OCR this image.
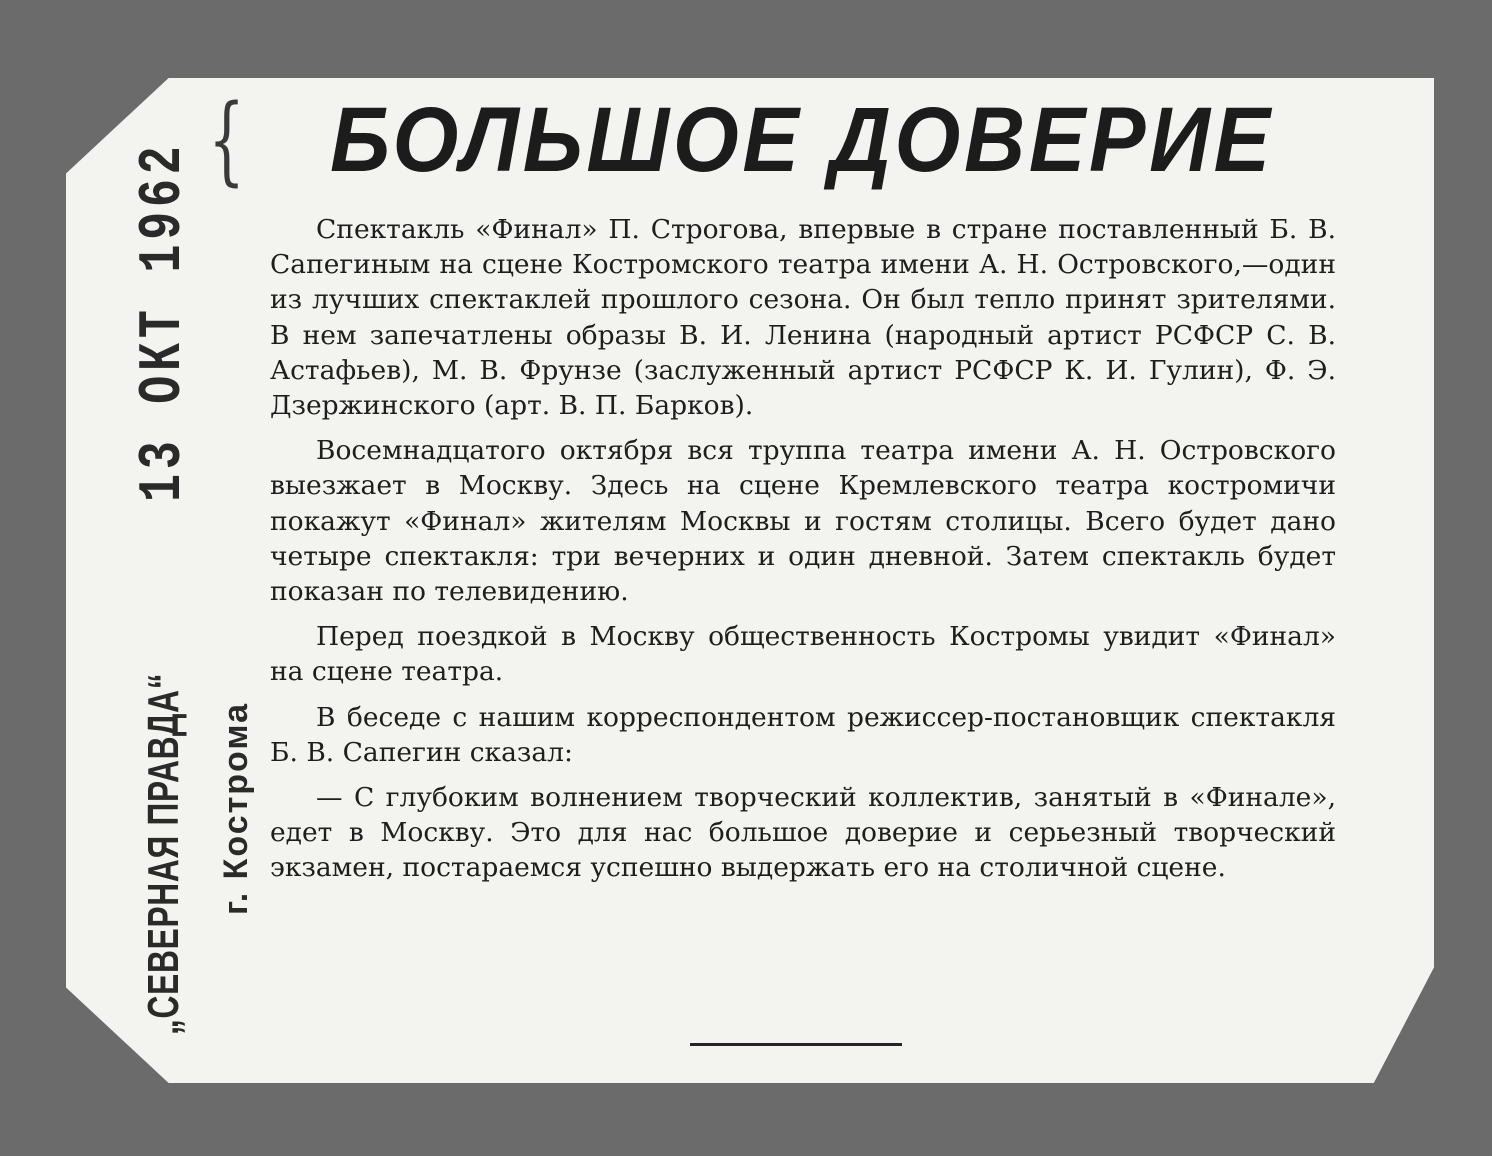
{
„СЕВЕРНАЯ ПРАВДА“
13 ОКТ 1962
г. Кострома
БОЛЬШОЕ ДОВЕРИЕ

Спектакль «Финал» П. Строгова, впервые в стране поставленный Б. В. Сапегиным на сцене Костромского театра имени А. Н. Островского,—один из лучших спектаклей прошлого сезона. Он был тепло принят зрителями. В нем запечатлены образы В. И. Ленина (народный артист РСФСР С. В. Астафьев), М. В. Фрунзе (заслуженный артист РСФСР К. И. Гулин), Ф. Э. Дзержинского (арт. В. П. Барков).

Восемнадцатого октября вся труппа театра имени А. Н. Островского выезжает в Москву. Здесь на сцене Кремлевского театра костромичи покажут «Финал» жителям Москвы и гостям столицы. Всего будет дано четыре спектакля: три вечерних и один дневной. Затем спектакль будет показан по телевидению.

Перед поездкой в Москву общественность Костромы увидит «Финал» на сцене театра.

В беседе с нашим корреспондентом режиссер-постановщик спектакля Б. В. Сапегин сказал:

— С глубоким волнением творческий коллектив, занятый в «Финале», едет в Москву. Это для нас большое доверие и серьезный творческий экзамен, постараемся успешно выдержать его на столичной сцене.
